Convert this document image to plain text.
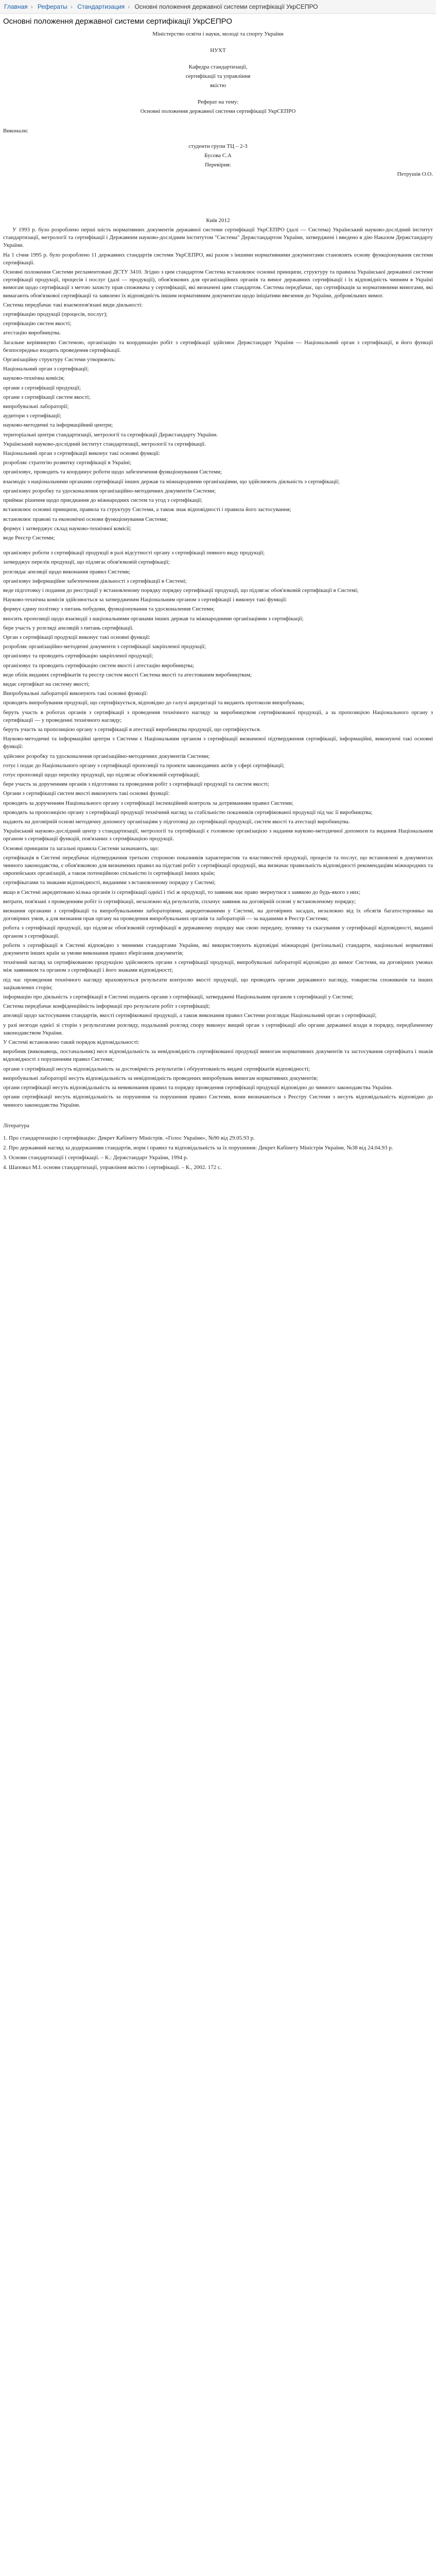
Главная › Рефераты › Стандартизация › Основні положення державної системи сертифікації УкрСЕПРО
Основні положення державної системи сертифікації УкрСЕПРО

Міністерство освіти і науки, молоді та спорту України

НУХТ

Кафедра стандартизації,

сертифікації та управління

якістю

Реферат на тему:

Основні положення державної системи сертифікації УкрСЕПРО

Виконали:

студенти групи ТЦ – 2-3

Бусова С.А

Перевірив:

Петрушів О.О.

Київ 2012

У 1993 р. було розроблено перші шість нормативних документів державної системи сертифікації УкрСЕПРО (далі — Система) Український науково-дослідний інститут стандартизації, метрології та сертифікації і Державним науково-дослідним інститутом "Система" Держстандартом України, затверджені і введено в дію Наказом Держстандарту України.

На 1 січня 1995 р. було розроблено 11 державних стандартів системи УкрСЕПРО, які разом з іншими нормативними документами становлять основу функціонування системи сертифікації.

Основні положення Системи регламентовані ДСТУ 3410. Згідно з цим стандартом Система встановлює основні принципи, структуру та правила Української державної системи сертифікації продукції, процесів і послуг (далі — продукції), обов'язкових для організаційних органів та вимог державних сертифікації і їх відповідність чинним в Україні вимогам щодо сертифікації з метою захисту прав споживача у сертифікації, які визначені цим стандартом. Система передбачає, що сертифікація за нормативними вимогами, які вимагають обов'язкової сертифікації та заявлено їх відповідність іншим нормативним документам щодо ініціативи ввезення до України, добровільних вимог.

Система передбачає такі взаємопов'язані види діяльності:

сертифікацію продукції (процесів, послуг);

сертифікацію систем якості;

атестацію виробництва.

Загальне керівництво Системою, організацію та координацію робіт з сертифікації здійснює Держстандарт України — Національний орган з сертифікації, в його функції безпосередньо входить проведення сертифікації.

Організаційну структуру Системи утворюють:

Національний орган з сертифікації;

науково-технічна комісія;

органи з сертифікації продукції;

органи з сертифікації систем якості;

випробувальні лабораторії;

аудитори з сертифікації;

науково-методичні та інформаційний центри;

територіальні центри стандартизації, метрології та сертифікації Держстандарту України.

Український науково-дослідний інститут стандартизації, метрології та сертифікації.

Національний орган з сертифікації виконує такі основні функції:

розробляє стратегію розвитку сертифікації в Україні;

організовує, проводить та координує роботи щодо забезпечення функціонування Системи;

взаємодіє з національними органами сертифікації інших держав та міжнародними організаціями, що здійснюють діяльність з сертифікації;

організовує розробку та удосконалення організаційно-методичних документів Системи;

приймає рішення щодо приєднання до міжнародних систем та угод з сертифікації;

встановлює основні принципи, правила та структуру Системи, а також знак відповідності і правила його застосування;

встановлює правові та економічні основи функціонування Системи;

формує і затверджує склад науково-технічної комісії;

веде Реєстр Системи;

організовує роботи з сертифікації продукції в разі відсутності органу з сертифікації певного виду продукції;

затверджує перелік продукції, що підлягає обов'язковій сертифікації;

розглядає апеляції щодо виконання правил Системи;

організовує інформаційне забезпечення діяльності з сертифікації в Системі;

веде підготовку і подання до реєстрації у встановленому порядку порядку сертифікації продукції, що підлягає обов'язковій сертифікації в Системі;

Науково-технічна комісія здійснюється за затвердженим Національним органом з сертифікації і виконує такі функції:

формує єдину політику з питань побудови, функціонування та удосконалення Системи;

вносить пропозиції щодо взаємодії з національними органами інших держав та міжнародними організаціями з сертифікації;

бере участь у розгляді апеляцій з питань сертифікації.

Орган з сертифікації продукції виконує такі основні функції:

розробляє організаційно-методичні документи з сертифікації закріпленої продукції;

організовує та проводить сертифікацію закріпленої продукції;

організовує та проводить сертифікацію систем якості і атестацію виробництва;

веде облік виданих сертифікатів та реєстр систем якості Система якості та атестованим виробництвам;

видає сертифікат на систему якості;

Випробувальні лабораторії виконують такі основні функції:

проводять випробування продукції, що сертифікується, відповідно до галузі акредитації та видають протоколи випробувань;

беруть участь в роботах органів з сертифікації з проведення технічного нагляду за виробництвом сертифікованої продукції, а за пропозицією Національного органу з сертифікації — у проведенні технічного нагляду;

беруть участь за пропозицією органу з сертифікації в атестації виробництва продукції, що сертифікується.

Науково-методичні та інформаційні центри з Системи є Національним органом з сертифікації визначеної підтвердження сертифікації, інформаційні, виконуючі такі основні функції:

здійснює розробку та удосконалення організаційно-методичних документів Системи;

готує і подає до Національного органу з сертифікації пропозиції та проекти законодавчих актів у сфері сертифікації;

готує пропозиції щодо переліку продукції, що підлягає обов'язковій сертифікації;

бере участь за дорученням органів з підготовки та проведення робіт з сертифікації продукції та систем якості;

Органи з сертифікації систем якості виконують такі основні функції:

проводять за дорученням Національного органу з сертифікації інспекційний контроль за дотриманням правил Системи;

проводять за пропозицією органу з сертифікації продукції технічний нагляд за стабільністю показників сертифікованої продукції під час її виробництва;

надають на договірній основі методичну допомогу організаціям у підготовці до сертифікації продукції, систем якості та атестації виробництва.

Український науково-дослідний центр з стандартизації, метрології та сертифікації є головною організацією з надання науково-методичної допомоги та видання Національним органом з сертифікації функцій, пов'язаних з сертифікацією продукції.

Основні принципи та загальні правила Системи зазначають, що:

сертифікація в Системі передбачає підтвердження третьою стороною показників характеристик та властивостей продукції, процесів та послуг, що встановлені в документах чинного законодавства, є обов'язковою для визначених правил на підставі робіт з сертифікації продукції, яка визначає правильність відповідності рекомендаціям міжнародних та європейських організацій, а також потенційною спільністю із сертифікації інших країн;

сертифікатами та знаками відповідності, виданими з встановленому порядку у Системі;

якщо в Системі акредитовано кілька органів із сертифікації однієї і тієї ж продукції, то заявник має право звернутися з заявкою до будь-якого з них;

витрати, пов'язані з проведенням робіт із сертифікації, незалежно від результатів, сплачує заявник на договірній основі у встановленому порядку;

визнання органами з сертифікації та випробувальними лабораторіями, акредитованими у Системі, на договірних засадах, незалежно від їх обсягів багатосторонньо на договірних умов, а для визнання прав органу на проведення випробувальних органів та лабораторій — за наданими в Реєстр Системи;

робота з сертифікації продукції, що підлягає обов'язковій сертифікації в державному порядку має свою передачу, зупинку та скасування у сертифікації відповідності, виданої органом з сертифікації.

роботи з сертифікації в Системі відповідно з чинними стандартами України, які використовують відповідні міжнародні (регіональні) стандарти, національні нормативні документи інших країн за умови виконання правил зберігання документів;

технічний нагляд за сертифікованою продукцією здійснюють органи з сертифікації продукції, випробувальні лабораторії відповідно до вимог Системи, на договірних умовах між заявником та органом з сертифікації і його знаками відповідності;

під час проведення технічного нагляду враховуються результати контролю якості продукції, що проводять органи державного нагляду, товариства споживачів та інших зацікавлених сторін;

інформацію про діяльність з сертифікації в Системі подають органи з сертифікації, затверджені Національним органом з сертифікації у Системі;

Система передбачає конфіденційність інформації про результати робіт з сертифікації;

апеляції щодо застосування стандартів, якості сертифікованої продукції, а також виконання правил Системи розглядає Національний орган з сертифікації;

у разі незгоди однієї зі сторін з результатами розгляду, подальший розгляд спору виконує вищий орган з сертифікації або органи державної влади в порядку, передбаченому законодавством України.

У Системі встановлено такий порядок відповідальності:

виробник (виконавець, постачальник) несе відповідальність за невідповідність сертифікованої продукції вимогам нормативних документів та застосування сертифіката і знаків відповідності з порушенням правил Системи;

органи з сертифікації несуть відповідальність за достовірність результатів і обґрунтованість видачі сертифікатів відповідності;

випробувальні лабораторії несуть відповідальність за невідповідність проведених випробувань вимогам нормативних документів;

органи сертифікації несуть відповідальність за невиконання правил та порядку проведення сертифікації продукції відповідно до чинного законодавства України.

органи сертифікації несуть відповідальність за порушення та порушення правил Системи, вони визначаються з Реєстру Системи з несуть відповідальність відповідно до чинного законодавства України.

Література

1. Про стандартизацію і сертифікацію: Декрет Кабінету Міністрів. «Голос України», №90 від 29.05.93 р.

2. Про державний нагляд за додержанням стандартів, норм і правил та відповідальність за їх порушення: Декрет Кабінету Міністрів України, №38 від 24.04.93 р.

3. Основи стандартизації і сертифікації. – К.: Держстандарт України, 1994 р.

4. Шаповал М.І. основи стандартизації, управління якістю і сертифікації. – К., 2002. 172 с.
